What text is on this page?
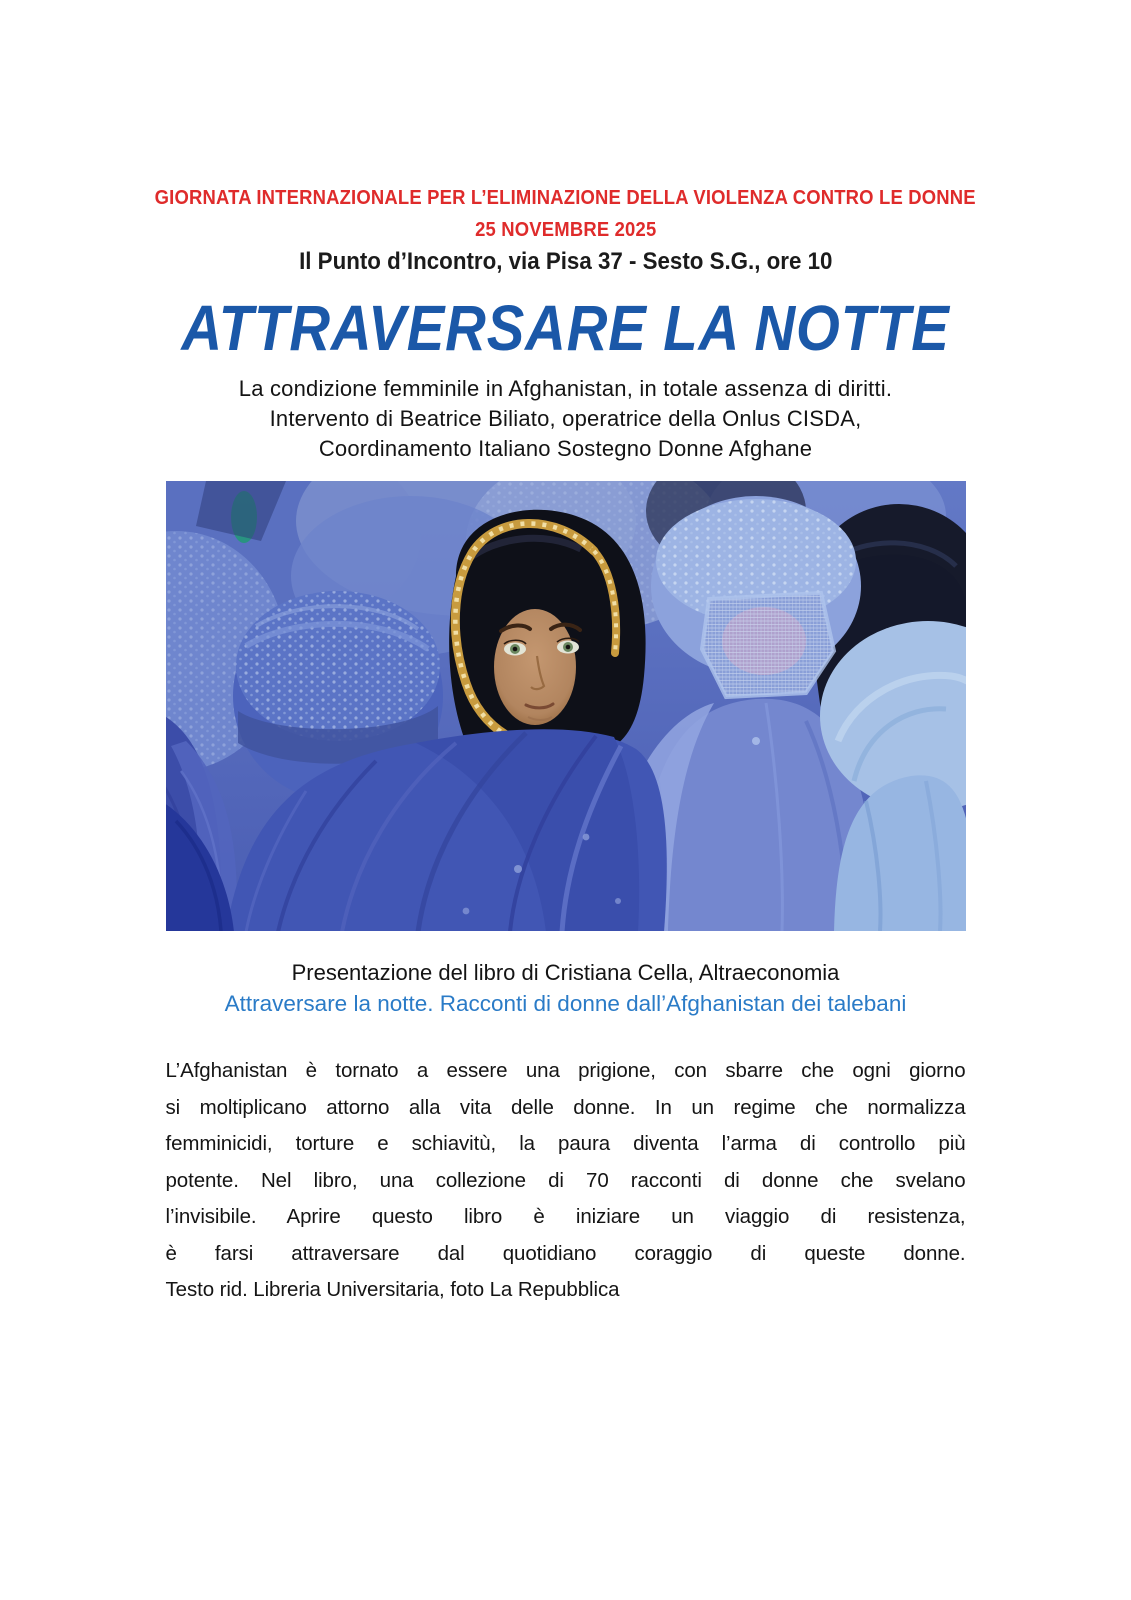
GIORNATA INTERNAZIONALE PER L’ELIMINAZIONE DELLA VIOLENZA CONTRO LE DONNE
25 NOVEMBRE 2025
Il Punto d’Incontro, via Pisa 37 - Sesto S.G., ore 10
ATTRAVERSARE LA NOTTE
La condizione femminile in Afghanistan, in totale assenza di diritti.
Intervento di Beatrice Biliato, operatrice della Onlus CISDA,
Coordinamento Italiano Sostegno Donne Afghane
Presentazione del libro di Cristiana Cella, Altraeconomia
Attraversare la notte. Racconti di donne dall’Afghanistan dei talebani
L’Afghanistan è tornato a essere una prigione, con sbarre che ogni giorno
si moltiplicano attorno alla vita delle donne. In un regime che normalizza
femminicidi, torture e schiavitù, la paura diventa l’arma di controllo più
potente. Nel libro, una collezione di 70 racconti di donne che svelano
l’invisibile. Aprire questo libro è iniziare un viaggio di resistenza,
è farsi attraversare dal quotidiano coraggio di queste donne.
Testo rid. Libreria Universitaria, foto La Repubblica
